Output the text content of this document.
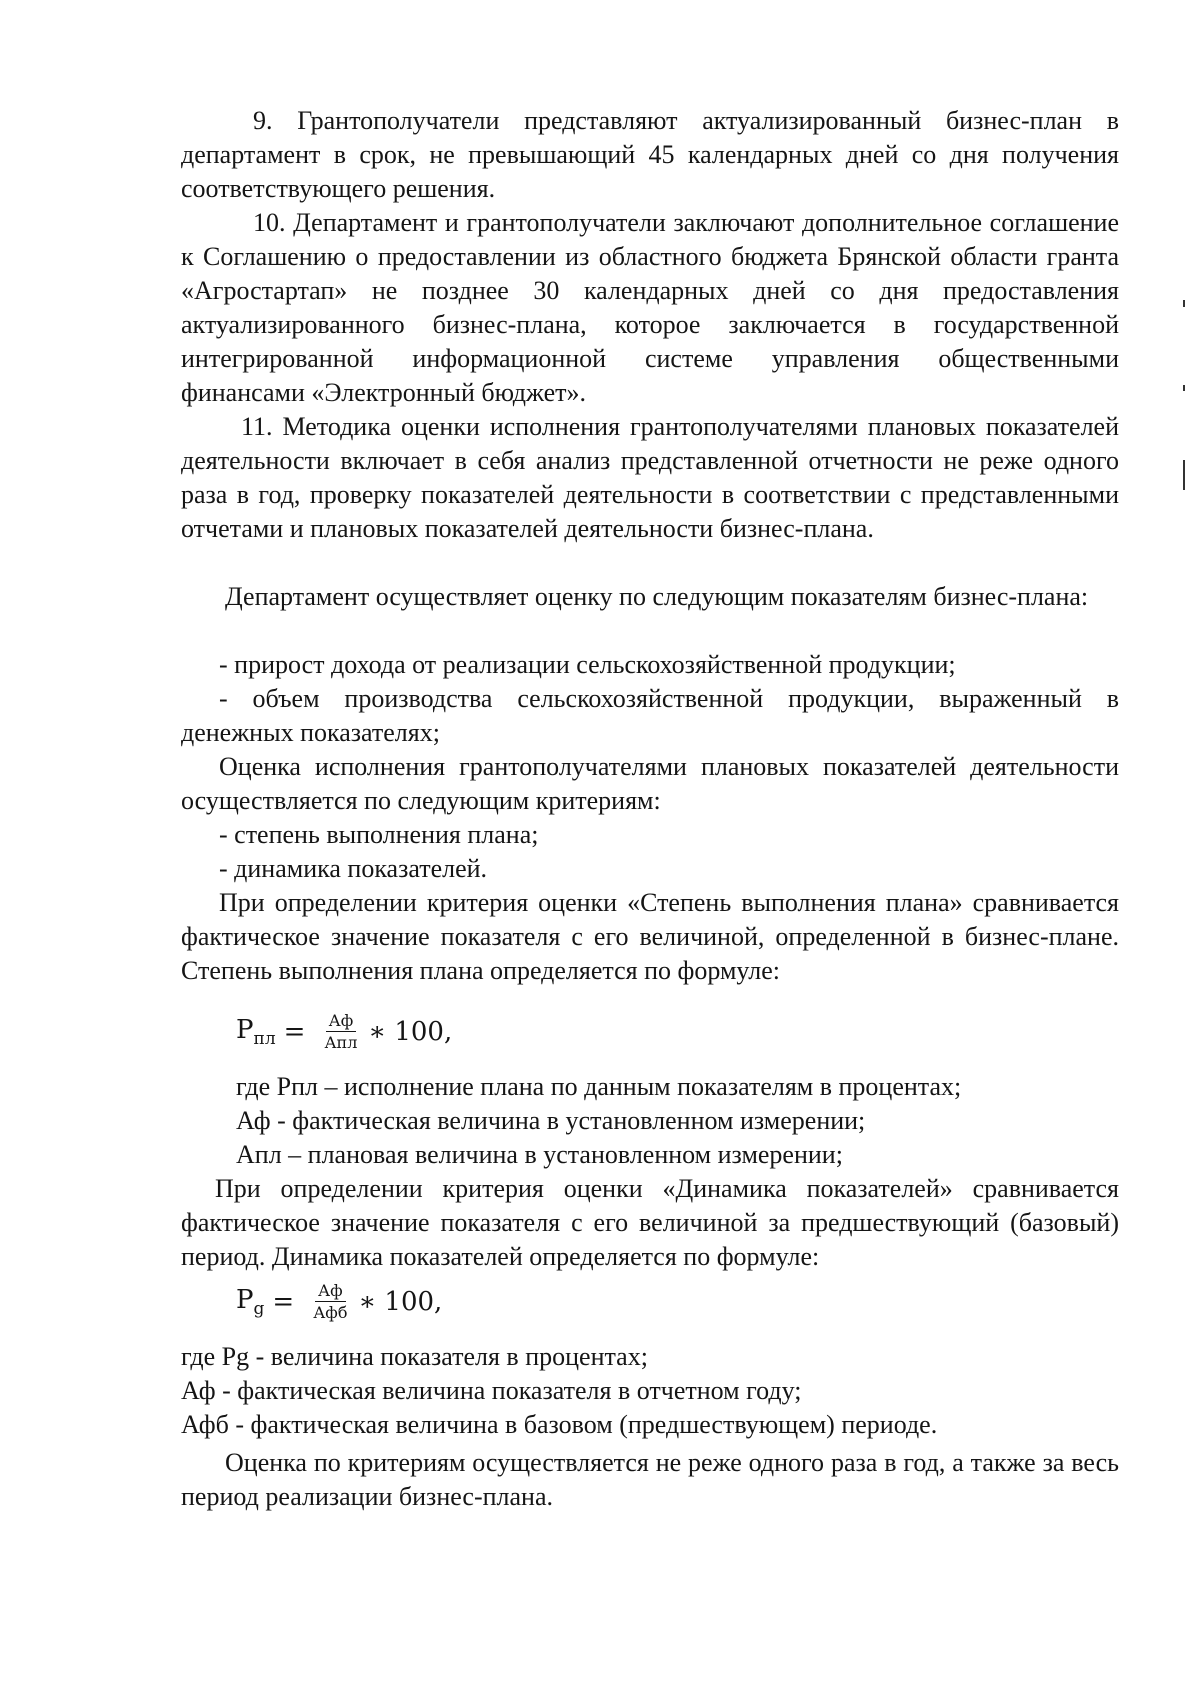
9. Грантополучатели представляют актуализированный бизнес-план в департамент в срок, не превышающий 45 календарных дней со дня получения соответствующего решения.

10. Департамент и грантополучатели заключают дополнительное соглашение к Соглашению о предоставлении из областного бюджета Брянской области гранта «Агростартап» не позднее 30 календарных дней со дня предоставления актуализированного бизнес-плана, которое заключается в государственной интегрированной информационной системе управления общественными финансами «Электронный бюджет».

11. Методика оценки исполнения грантополучателями плановых показателей деятельности включает в себя анализ представленной отчетности не реже одного раза в год, проверку показателей деятельности в соответствии с представленными отчетами и плановых показателей деятельности бизнес-плана.

Департамент осуществляет оценку по следующим показателям бизнес-плана:

- прирост дохода от реализации сельскохозяйственной продукции;

- объем производства сельскохозяйственной продукции, выраженный в денежных показателях;

Оценка исполнения грантополучателями плановых показателей деятельности осуществляется по следующим критериям:

- степень выполнения плана;

- динамика показателей.

При определении критерия оценки «Степень выполнения плана» сравнивается фактическое значение показателя с его величиной, определенной в бизнес-плане. Степень выполнения плана определяется по формуле:

$Р_{пл} = \frac{Аф}{\text{Апл}}$ ∗ 100,

где Рпл – исполнение плана по данным показателям в процентах;

Аф - фактическая величина в установленном измерении;

Апл – плановая величина в установленном измерении;

При определении критерия оценки «Динамика показателей» сравнивается фактическое значение показателя с его величиной за предшествующий (базовый) период. Динамика показателей определяется по формуле:

$Р_g = \frac{Аф}{\text{Афб}}$ ∗ 100,

где Рg - величина показателя в процентах;

Аф - фактическая величина показателя в отчетном году;

Афб - фактическая величина в базовом (предшествующем) периоде.

Оценка по критериям осуществляется не реже одного раза в год, а также за весь период реализации бизнес-плана.
